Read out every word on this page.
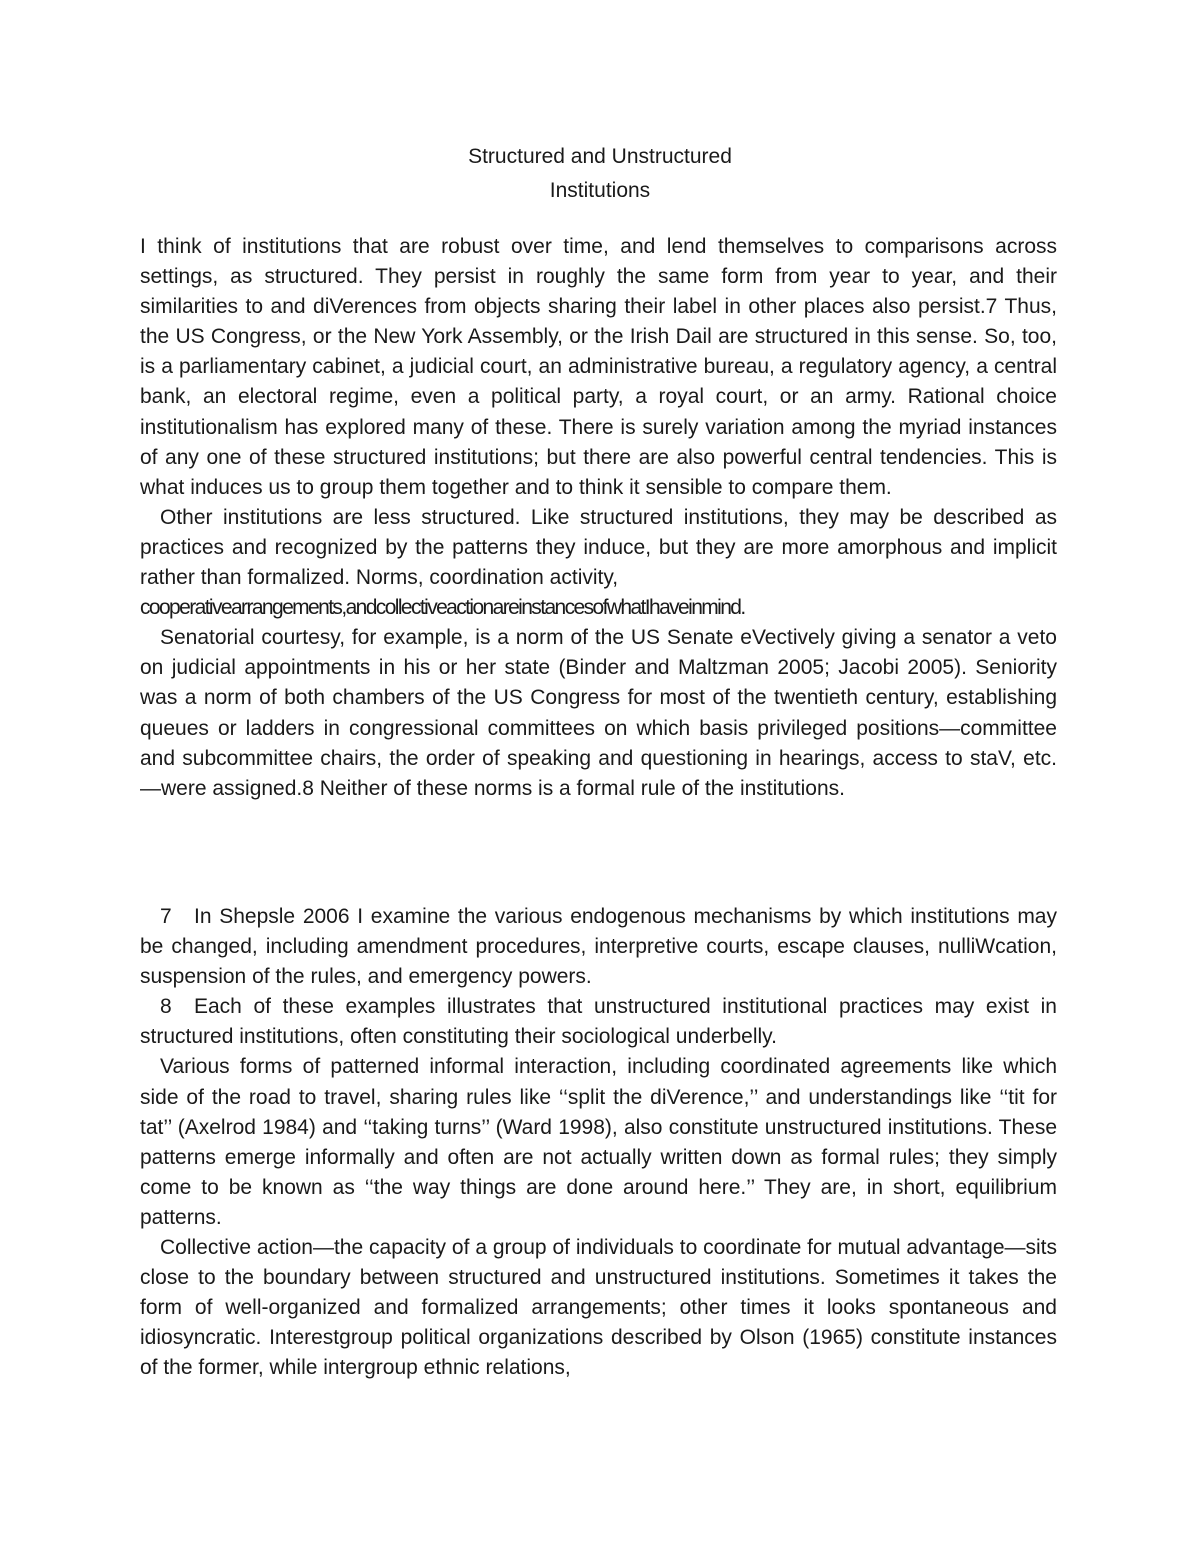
Structured and Unstructured
Institutions

I think of institutions that are robust over time, and lend themselves to comparisons across settings, as structured. They persist in roughly the same form from year to year, and their similarities to and diVerences from objects sharing their label in other places also persist.7 Thus, the US Congress, or the New York Assembly, or the Irish Dail are structured in this sense. So, too, is a parliamentary cabinet, a judicial court, an administrative bureau, a regulatory agency, a central bank, an electoral regime, even a political party, a royal court, or an army. Rational choice institutionalism has explored many of these. There is surely variation among the myriad instances of any one of these structured institutions; but there are also powerful central tendencies. This is what induces us to group them together and to think it sensible to compare them.

Other institutions are less structured. Like structured institutions, they may be described as practices and recognized by the patterns they induce, but they are more amorphous and implicit rather than formalized. Norms, coordination activity,

cooperativearrangements,andcollectiveactionareinstancesofwhatIhaveinmind.

Senatorial courtesy, for example, is a norm of the US Senate eVectively giving a senator a veto on judicial appointments in his or her state (Binder and Maltzman 2005; Jacobi 2005). Seniority was a norm of both chambers of the US Congress for most of the twentieth century, establishing queues or ladders in congressional committees on which basis privileged positions—committee and subcommittee chairs, the order of speaking and questioning in hearings, access to staV, etc.—were assigned.8 Neither of these norms is a formal rule of the institutions.

7 In Shepsle 2006 I examine the various endogenous mechanisms by which institutions may be changed, including amendment procedures, interpretive courts, escape clauses, nulliWcation, suspension of the rules, and emergency powers.

8 Each of these examples illustrates that unstructured institutional practices may exist in structured institutions, often constituting their sociological underbelly.

Various forms of patterned informal interaction, including coordinated agreements like which side of the road to travel, sharing rules like ‘‘split the diVerence,’’ and understandings like ‘‘tit for tat’’ (Axelrod 1984) and ‘‘taking turns’’ (Ward 1998), also constitute unstructured institutions. These patterns emerge informally and often are not actually written down as formal rules; they simply come to be known as ‘‘the way things are done around here.’’ They are, in short, equilibrium patterns.

Collective action—the capacity of a group of individuals to coordinate for mutual advantage—sits close to the boundary between structured and unstructured institutions. Sometimes it takes the form of well-organized and formalized arrangements; other times it looks spontaneous and idiosyncratic. Interestgroup political organizations described by Olson (1965) constitute instances of the former, while intergroup ethnic relations,
